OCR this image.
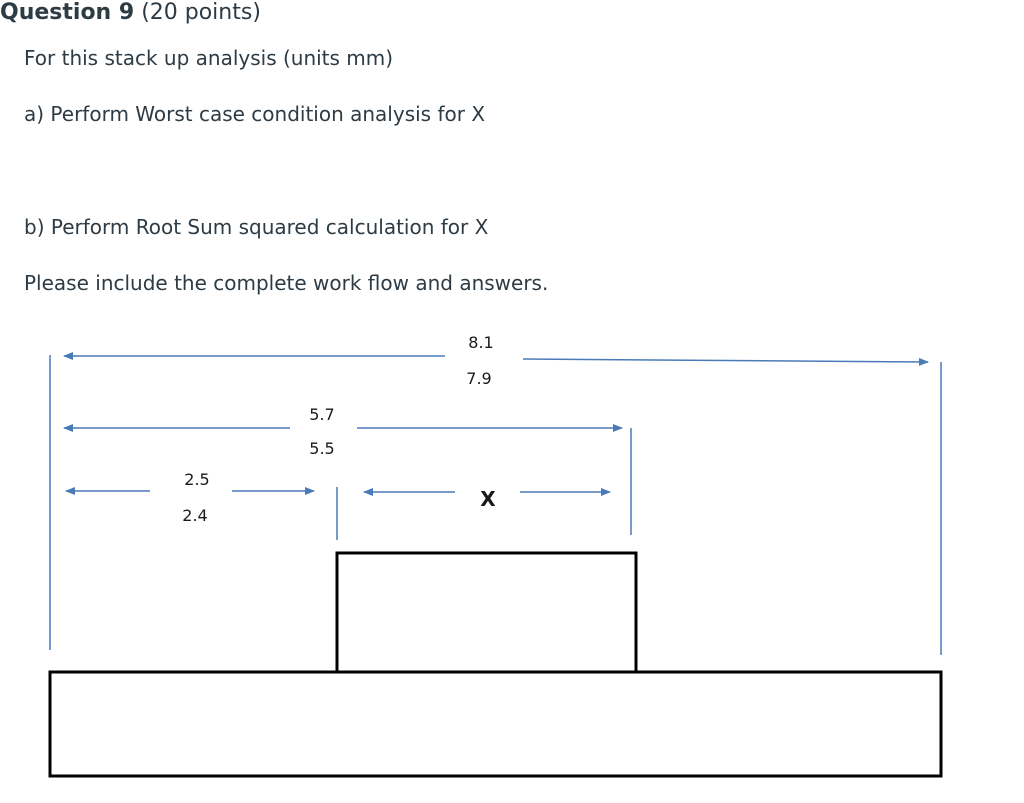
Question 9 (20 points)
For this stack up analysis (units mm)
a) Perform Worst case condition analysis for X
b) Perform Root Sum squared calculation for X
Please include the complete work flow and answers.
8.1
7.9
5.7
5.5
2.5
2.4
X
